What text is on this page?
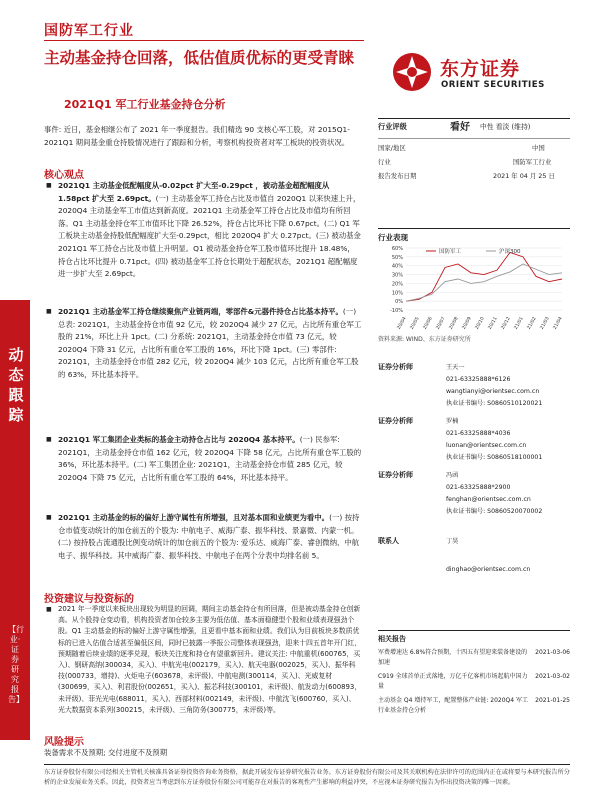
国防军工行业
主动基金持仓回落，低估值质优标的更受青睐
2021Q1 军工行业基金持仓分析
东方证券
ORIENT SECURITIES
动态跟踪
【行业·证券研究报告】
事件: 近日，基金相继公布了 2021 年一季度报告。我们精选 90 支核心军工股，对 2015Q1-2021Q1 期间基金重仓持股情况进行了跟踪和分析，考察机构投资者对军工板块的投资状况。
核心观点
■ 2021Q1 主动基金低配幅度从-0.02pct 扩大至-0.29pct ，被动基金超配幅度从 1.58pct 扩大至 2.69pct。(一) 主动基金军工持仓占比及市值自 2020Q1 以来快速上升，2020Q4 主动基金军工市值达到新高度。2021Q1 主动基金军工持仓占比及市值均有所回落。Q1 主动基金持仓军工市值环比下降 26.52%，持仓占比环比下降 0.67pct。(二) Q1 军工板块主动基金持股低配幅度扩大至-0.29pct，相比 2020Q4 扩大 0.27pct。(三) 被动基金 2021Q1 军工持仓占比及市值上升明显。Q1 被动基金持仓军工股市值环比提升 18.48%，持仓占比环比提升 0.71pct。(四) 被动基金军工持仓长期处于超配状态，2021Q1 超配幅度进一步扩大至 2.69pct。
■ 2021Q1 主动基金军工持仓继续聚焦产业链两端，零部件&元器件持仓占比基本持平。(一) 总表: 2021Q1，主动基金持仓市值 92 亿元，较 2020Q4 减少 27 亿元，占比所有重仓军工股的 21%，环比上升 1pct。(二) 分系统: 2021Q1，主动基金持仓市值 73 亿元，较 2020Q4 下降 31 亿元，占比所有重仓军工股的 16%，环比下降 1pct。(三) 零部件: 2021Q1，主动基金持仓市值 282 亿元，较 2020Q4 减少 103 亿元，占比所有重仓军工股的 63%，环比基本持平。
■ 2021Q1 军工集团企业类标的基金主动持仓占比与 2020Q4 基本持平。(一) 民参军: 2021Q1，主动基金持仓市值 162 亿元，较 2020Q4 下降 58 亿元，占比所有重仓军工股的 36%，环比基本持平。(二) 军工集团企业: 2021Q1，主动基金持仓市值 285 亿元，较 2020Q4 下降 75 亿元，占比所有重仓军工股的 64%，环比基本持平。
■ 2021Q1 主动基金的标的偏好上游守属性有所增强，且对基本面和业绩更为看中。(一) 按持仓市值变动统计的加仓前五的个股为: 中航电子、威海广泰、振华科技、景嘉微、内蒙一机。(二) 按持股占流通股比例变动统计的加仓前五的个股为: 爱乐达、威海广泰、睿创微纳、中航电子、振华科技。其中威海广泰、振华科技、中航电子在两个分表中均排名前 5。
投资建议与投资标的
■ 2021 年一季度以来板块出现较为明显的回调，期间主动基金持仓有所回落，但是被动基金持仓创新高。从个股持仓变动看，机构投资者加仓较多主要为低估值、基本面稳健型个股和业绩表现强劲个股。Q1 主动基金的标的偏好上游守属性增强，且更看中基本面和业绩。我们认为目前板块多数质优标的已进入估值合适甚至偏低区间，同时已披露一季报公司整体表现强劲，迎来十四五首年开门红，预期随着后续业绩的逐季兑现，板块关注度和持仓有望重新回升。建议关注: 中航重机(600765，买入)、钢研高纳(300034，买入)、中航光电(002179，买入)、航天电器(002025，买入)、振华科技(000733，增持)、火炬电子(603678，未评级)、中航电测(300114，买入)、光威复材(300699，买入)、利君股份(002651，买入)、振芯科技(300101，未评级)、航发动力(600893，未评级)、菲光光电(688011，买入)、西部材料(002149，未评级)、中航沈飞(600760，买入)、光大数据资本系列(300215，未评级)、三角防务(300775，未评级)等。
风险提示
装备需求不及预期; 交付进度不及预期
行业评级	看好 中性 看淡 (维持)
国家/地区	中国
行业	国防军工行业
报告发布日期	2021 年 04 月 25 日
行业表现
60%
50%
40%
30%
20%
10%
0%
-10%
20/04 20/05 20/06 20/07 20/08 20/09 20/10 20/11 20/12 21/01 21/02 21/03 21/04
国防军工	沪深300
资料来源: WIND、东方证券研究所
证券分析师	王天一
021-63325888*6126
wangtianyi@orientsec.com.cn
执业证书编号: S0860510120021
证券分析师	罗楠
021-63325888*4036
luonan@orientsec.com.cn
执业证书编号: S0860518100001
证券分析师	冯函
021-63325888*2900
fenghan@orientsec.com.cn
执业证书编号: S0860520070002
联系人	丁昊
dinghao@orientsec.com.cn
相关报告
军费增速达 6.8%符合预期，十四五有望迎来装备建设的加速
2021-03-06
C919 全球首单正式落地，万亿千亿客机市场起航中国力量
2021-03-02
主动基金 Q4 增持军工，配置整体产业链: 2020Q4 军工行业基金持仓分析
2021-01-25
东方证券股份有限公司经相关主管机关核准具备证券投资咨询业务资格，据此开展发布证券研究报告业务。东方证券股份有限公司及其关联机构在法律许可的范围内正在或将要与本研究报告所分析的企业发展业务关系。因此，投资者应当考虑到东方证券股份有限公司可能存在对报告的客观性产生影响的利益冲突，不应视本证券研究报告为作出投资决策的唯一因素。
